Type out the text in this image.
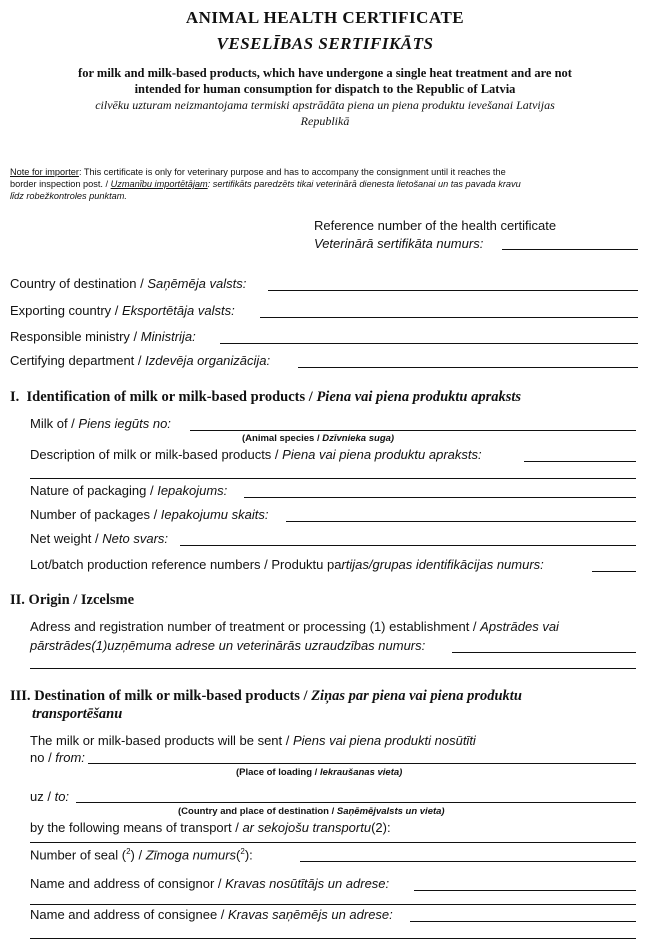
ANIMAL HEALTH CERTIFICATE
VESELĪBAS SERTIFIKĀTS
for milk and milk-based products, which have undergone a single heat treatment and are not
intended for human consumption for dispatch to the Republic of Latvia
cilvēku uzturam neizmantojama termiski apstrādāta piena un piena produktu ievešanai Latvijas
Republikā
Note for importer: This certificate is only for veterinary purpose and has to accompany the consignment until it reaches the
border inspection post. / Uzmanību importētājam: sertifikāts paredzēts tikai veterinārā dienesta lietošanai un tas pavada kravu
līdz robežkontroles punktam.
Reference number of the health certificate
Veterinārā sertifikāta numurs:
Country of destination / Saņēmēja valsts:
Exporting country / Eksportētāja valsts:
Responsible ministry / Ministrija:
Certifying department / Izdevēja organizācija:
I. Identification of milk or milk-based products / Piena vai piena produktu apraksts
Milk of / Piens iegūts no:
(Animal species / Dzīvnieka suga)
Description of milk or milk-based products / Piena vai piena produktu apraksts:
Nature of packaging / Iepakojums:
Number of packages / Iepakojumu skaits:
Net weight / Neto svars:
Lot/batch production reference numbers / Produktu partijas/grupas identifikācijas numurs:
II. Origin / Izcelsme
Adress and registration number of treatment or processing (1) establishment / Apstrādes vai
pārstrādes(1)uzņēmuma adrese un veterinārās uzraudzības numurs:
III. Destination of milk or milk-based products / Ziņas par piena vai piena produktu
transportēšanu
The milk or milk-based products will be sent / Piens vai piena produkti nosūtīti
no / from:
(Place of loading / Iekraušanas vieta)
uz / to:
(Country and place of destination / Saņēmējvalsts un vieta)
by the following means of transport / ar sekojošu transportu(2):
Number of seal ($^2$) / Zīmoga numurs($^2$):
Name and address of consignor / Kravas nosūtītājs un adrese:
Name and address of consignee / Kravas saņēmējs un adrese:
